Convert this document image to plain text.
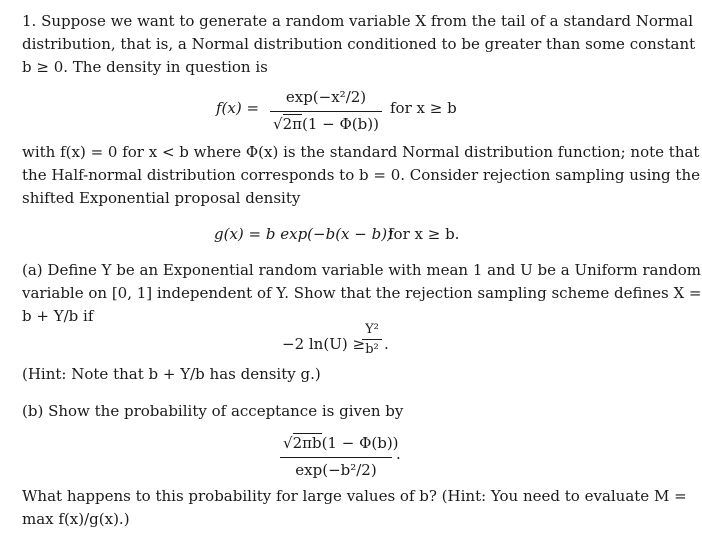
1. Suppose we want to generate a random variable X from the tail of a standard Normal
distribution, that is, a Normal distribution conditioned to be greater than some constant
b ≥ 0. The density in question is
$f(x) = \frac{\text{exp(−x²/2)}}{√2\pi(1 - \Phi(b))}$ for x ≥ b
with f(x) = 0 for x < b where Φ(x) is the standard Normal distribution function; note that
the Half-normal distribution corresponds to b = 0. Consider rejection sampling using the
shifted Exponential proposal density
g(x) = b exp(−b(x − b))
for x ≥ b.
(a) Define Y be an Exponential random variable with mean 1 and U be a Uniform random
variable on [0, 1] independent of Y. Show that the rejection sampling scheme defines X =
b + Y/b if
−2 ln(U) ≥
$\frac{\text{Y²}}{\text{b²}}$ .
(Hint: Note that b + Y/b has density g.)
(b) Show the probability of acceptance is given by
$\frac{√2\pi b(1 - \Phi(b))}{\text{exp(−b²/2)}}$ .
What happens to this probability for large values of b? (Hint: You need to evaluate M =
max f(x)/g(x).)
